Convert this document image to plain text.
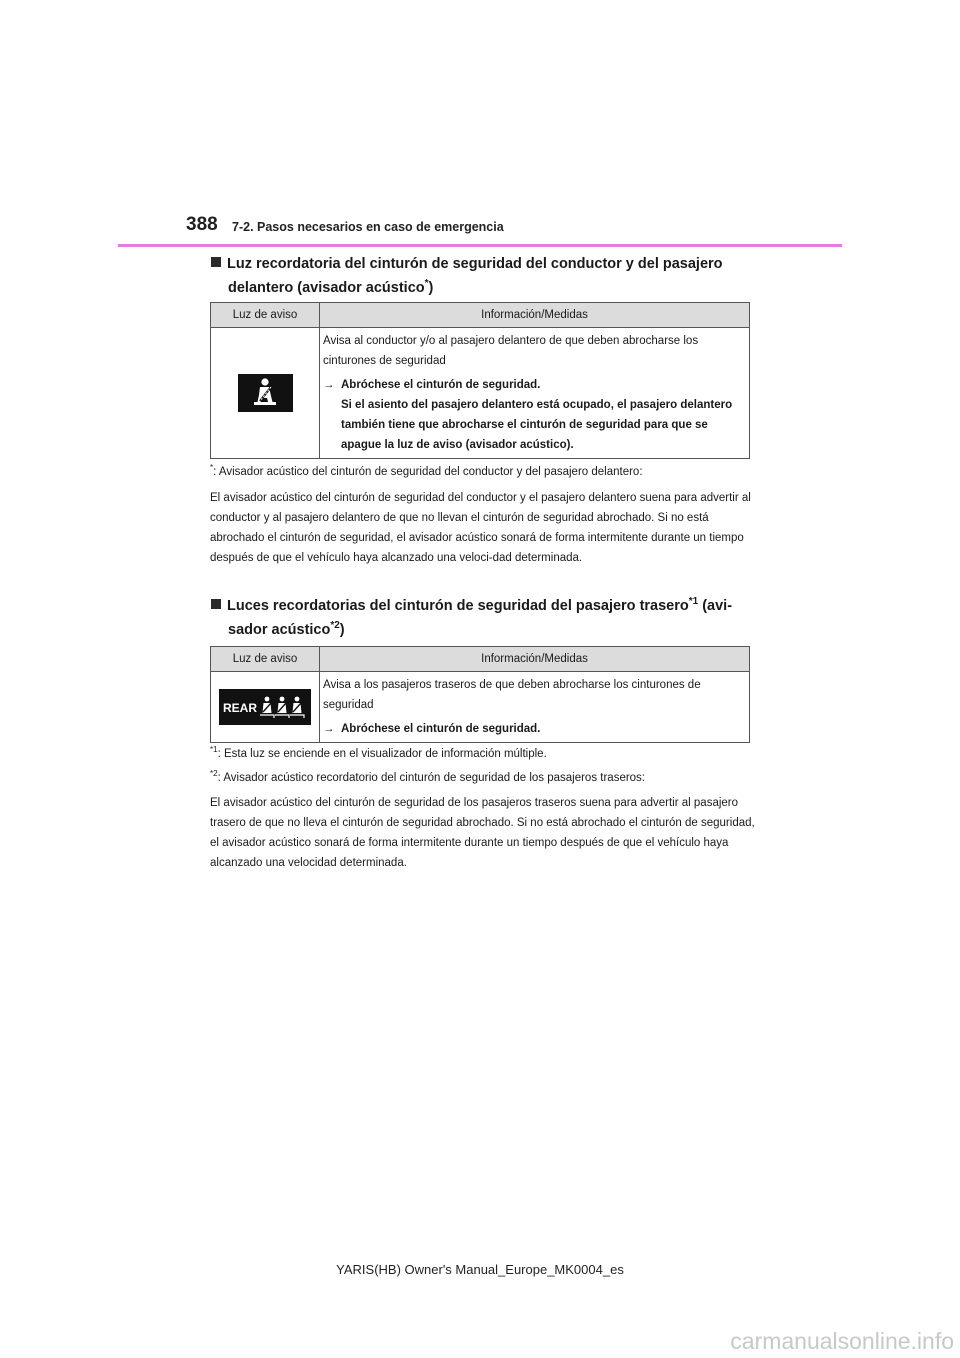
388 7-2. Pasos necesarios en caso de emergencia
Luz recordatoria del cinturón de seguridad del conductor y del pasajero
delantero (avisador acústico*)
Luz de aviso	Información/Medidas

Avisa al conductor y/o al pasajero delantero de que deben abrocharse los cinturones de seguridad
→ Abróchese el cinturón de seguridad.
Si el asiento del pasajero delantero está ocupado, el pasajero delantero también tiene que abrocharse el cinturón de seguridad para que se apague la luz de aviso (avisador acústico).
*: Avisador acústico del cinturón de seguridad del conductor y del pasajero delantero:
El avisador acústico del cinturón de seguridad del conductor y el pasajero delantero suena para advertir al conductor y al pasajero delantero de que no llevan el cinturón de seguridad abrochado. Si no está abrochado el cinturón de seguridad, el avisador acústico sonará de forma intermitente durante un tiempo después de que el vehículo haya alcanzado una veloci-dad determinada.
Luces recordatorias del cinturón de seguridad del pasajero trasero$^{*1}$ (avi-
sador acústico$^{*2}$)
Luz de aviso	Información/Medidas

REAR	Avisa a los pasajeros traseros de que deben abrocharse los cinturones de seguridad
→ Abróchese el cinturón de seguridad.
$^{*1}$: Esta luz se enciende en el visualizador de información múltiple.
$^{*2}$: Avisador acústico recordatorio del cinturón de seguridad de los pasajeros traseros:
El avisador acústico del cinturón de seguridad de los pasajeros traseros suena para advertir al pasajero trasero de que no lleva el cinturón de seguridad abrochado. Si no está abrochado el cinturón de seguridad, el avisador acústico sonará de forma intermitente durante un tiempo después de que el vehículo haya alcanzado una velocidad determinada.
YARIS(HB) Owner's Manual_Europe_MK0004_es
carmanualsonline.info
